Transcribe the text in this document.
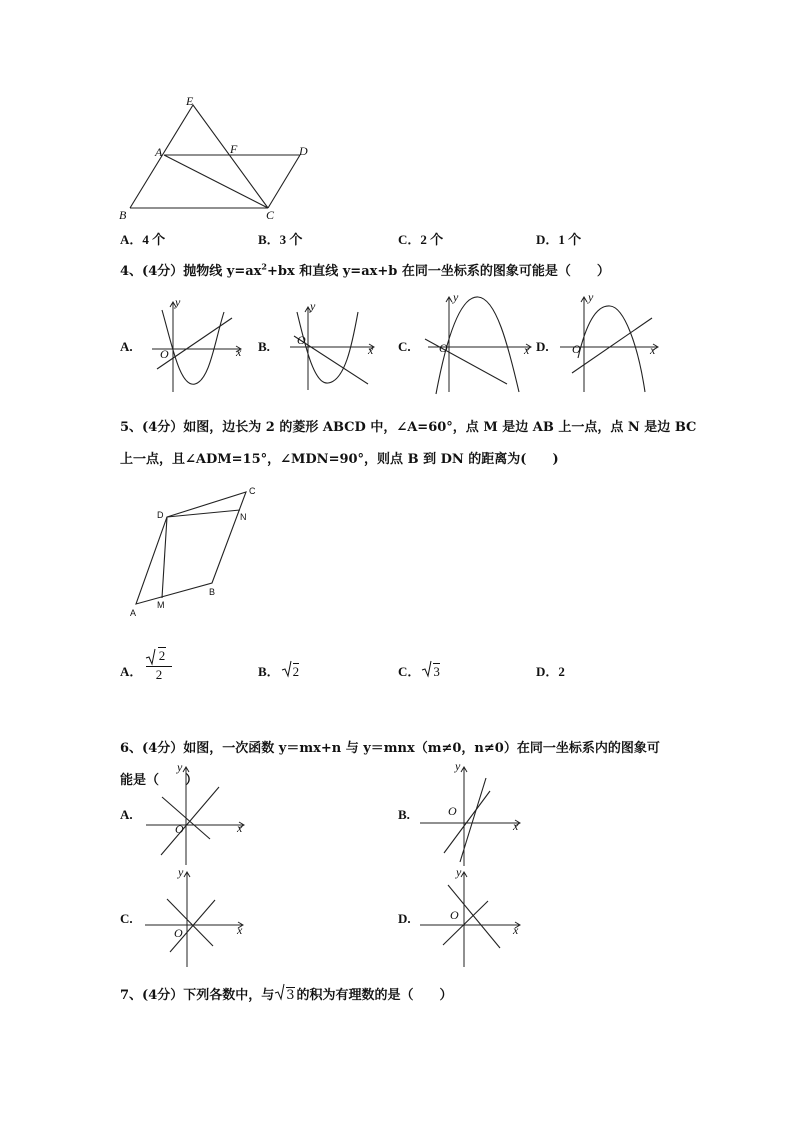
E
A	F	D
B	C
A．4 个	B．3 个	C．2 个	D．1 个
4、(4分）抛物线 $y=ax^2+bx$ 和直线 y=ax+b 在同一坐标系的图象可能是（　　）
A.
y
O	x B.
y
O
x C.
y
O	x D.
y
O	x
5、(4分）如图，边长为 2 的菱形 ABCD 中，∠A=60°，点 M 是边 AB 上一点，点 N 是边 BC
上一点，且∠ADM=15°，∠MDN=90°，则点 B 到 DN 的距离为(　　)
C
D	N
B
A
M
A．
2
2	B． 2	C． 3	D．2
6、(4分）如图，一次函数 y＝mx+n 与 y＝mnx（m≠0，n≠0）在同一坐标系内的图象可
能是（　　）
A.
y
O	x
B.
y
O
x
C.
y
O	x
D.
y
O
x
7、(4分）下列各数中，与 3 的积为有理数的是（　　）
